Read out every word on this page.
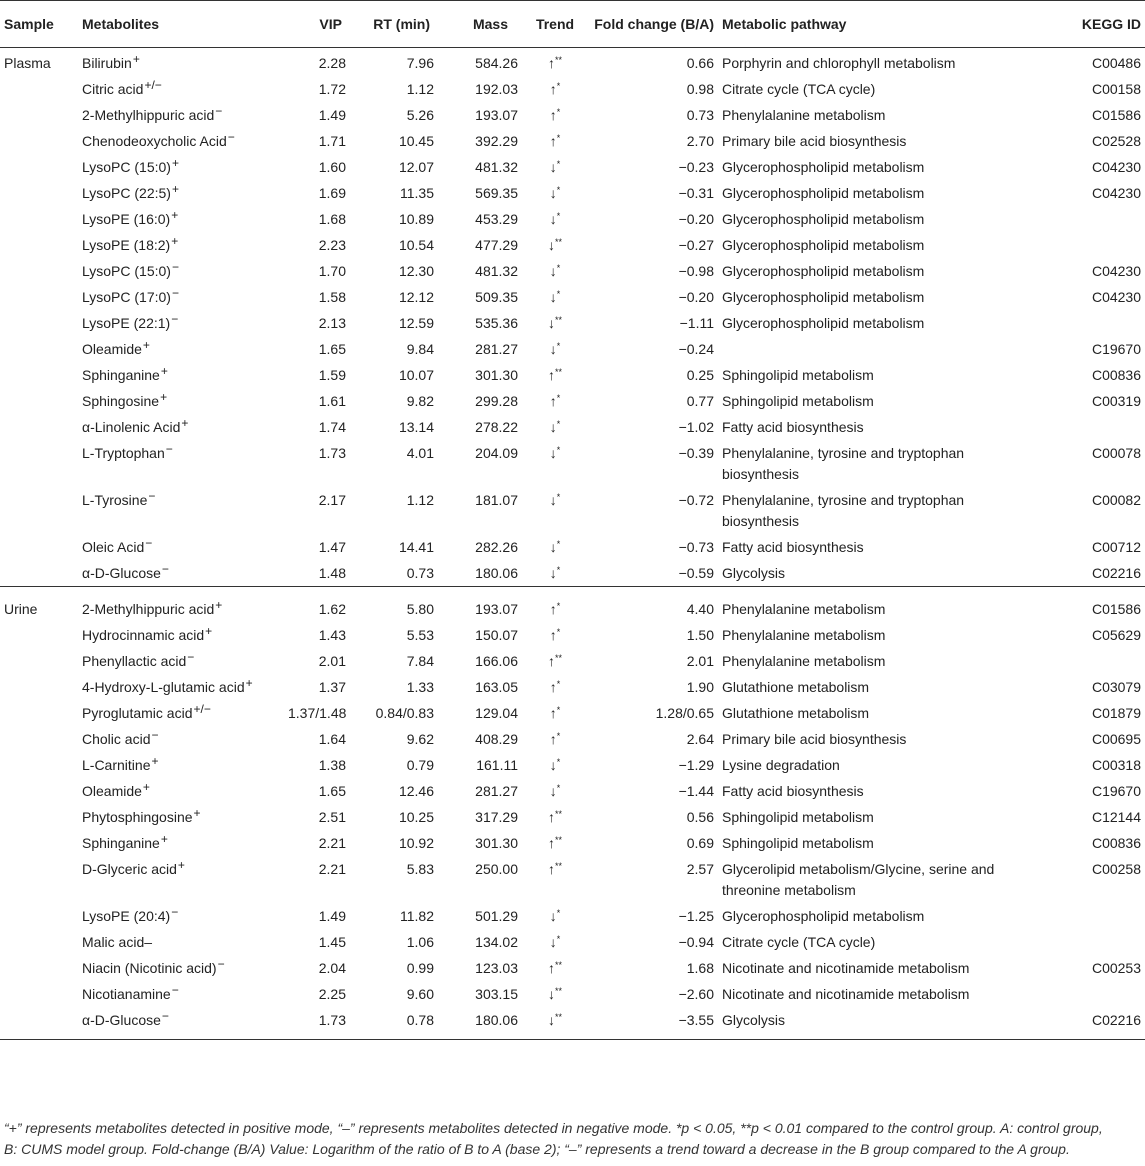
Sample	Metabolites	VIP	RT (min)	Mass	Trend	Fold change (B/A)	Metabolic pathway	KEGG ID
Plasma	Bilirubin+	2.28	7.96	584.26	↑**	0.66	Porphyrin and chlorophyll metabolism	C00486
	Citric acid+/−	1.72	1.12	192.03	↑*	0.98	Citrate cycle (TCA cycle)	C00158
	2-Methylhippuric acid−	1.49	5.26	193.07	↑*	0.73	Phenylalanine metabolism	C01586
	Chenodeoxycholic Acid−	1.71	10.45	392.29	↑*	2.70	Primary bile acid biosynthesis	C02528
	LysoPC (15:0)+	1.60	12.07	481.32	↓*	−0.23	Glycerophospholipid metabolism	C04230
	LysoPC (22:5)+	1.69	11.35	569.35	↓*	−0.31	Glycerophospholipid metabolism	C04230
	LysoPE (16:0)+	1.68	10.89	453.29	↓*	−0.20	Glycerophospholipid metabolism	
	LysoPE (18:2)+	2.23	10.54	477.29	↓**	−0.27	Glycerophospholipid metabolism	
	LysoPC (15:0)−	1.70	12.30	481.32	↓*	−0.98	Glycerophospholipid metabolism	C04230
	LysoPC (17:0)−	1.58	12.12	509.35	↓*	−0.20	Glycerophospholipid metabolism	C04230
	LysoPE (22:1)−	2.13	12.59	535.36	↓**	−1.11	Glycerophospholipid metabolism	
	Oleamide+	1.65	9.84	281.27	↓*	−0.24		C19670
	Sphinganine+	1.59	10.07	301.30	↑**	0.25	Sphingolipid metabolism	C00836
	Sphingosine+	1.61	9.82	299.28	↑*	0.77	Sphingolipid metabolism	C00319
	α-Linolenic Acid+	1.74	13.14	278.22	↓*	−1.02	Fatty acid biosynthesis	
	L-Tryptophan−	1.73	4.01	204.09	↓*	−0.39	Phenylalanine, tyrosine and tryptophan biosynthesis	C00078
	L-Tyrosine−	2.17	1.12	181.07	↓*	−0.72	Phenylalanine, tyrosine and tryptophan biosynthesis	C00082
	Oleic Acid−	1.47	14.41	282.26	↓*	−0.73	Fatty acid biosynthesis	C00712
	α-D-Glucose−	1.48	0.73	180.06	↓*	−0.59	Glycolysis	C02216
Urine	2-Methylhippuric acid+	1.62	5.80	193.07	↑*	4.40	Phenylalanine metabolism	C01586
	Hydrocinnamic acid+	1.43	5.53	150.07	↑*	1.50	Phenylalanine metabolism	C05629
	Phenyllactic acid−	2.01	7.84	166.06	↑**	2.01	Phenylalanine metabolism	
	4-Hydroxy-L-glutamic acid+	1.37	1.33	163.05	↑*	1.90	Glutathione metabolism	C03079
	Pyroglutamic acid+/−	1.37/1.48	0.84/0.83	129.04	↑*	1.28/0.65	Glutathione metabolism	C01879
	Cholic acid−	1.64	9.62	408.29	↑*	2.64	Primary bile acid biosynthesis	C00695
	L-Carnitine+	1.38	0.79	161.11	↓*	−1.29	Lysine degradation	C00318
	Oleamide+	1.65	12.46	281.27	↓*	−1.44	Fatty acid biosynthesis	C19670
	Phytosphingosine+	2.51	10.25	317.29	↑**	0.56	Sphingolipid metabolism	C12144
	Sphinganine+	2.21	10.92	301.30	↑**	0.69	Sphingolipid metabolism	C00836
	D-Glyceric acid+	2.21	5.83	250.00	↑**	2.57	Glycerolipid metabolism/Glycine, serine and threonine metabolism	C00258
	LysoPE (20:4)−	1.49	11.82	501.29	↓*	−1.25	Glycerophospholipid metabolism	
	Malic acid–	1.45	1.06	134.02	↓*	−0.94	Citrate cycle (TCA cycle)	
	Niacin (Nicotinic acid)−	2.04	0.99	123.03	↑**	1.68	Nicotinate and nicotinamide metabolism	C00253
	Nicotianamine−	2.25	9.60	303.15	↓**	−2.60	Nicotinate and nicotinamide metabolism	
	α-D-Glucose−	1.73	0.78	180.06	↓**	−3.55	Glycolysis	C02216

“+” represents metabolites detected in positive mode, “–” represents metabolites detected in negative mode. *p < 0.05, **p < 0.01 compared to the control group. A: control group,

B: CUMS model group. Fold-change (B/A) Value: Logarithm of the ratio of B to A (base 2); “–” represents a trend toward a decrease in the B group compared to the A group.
